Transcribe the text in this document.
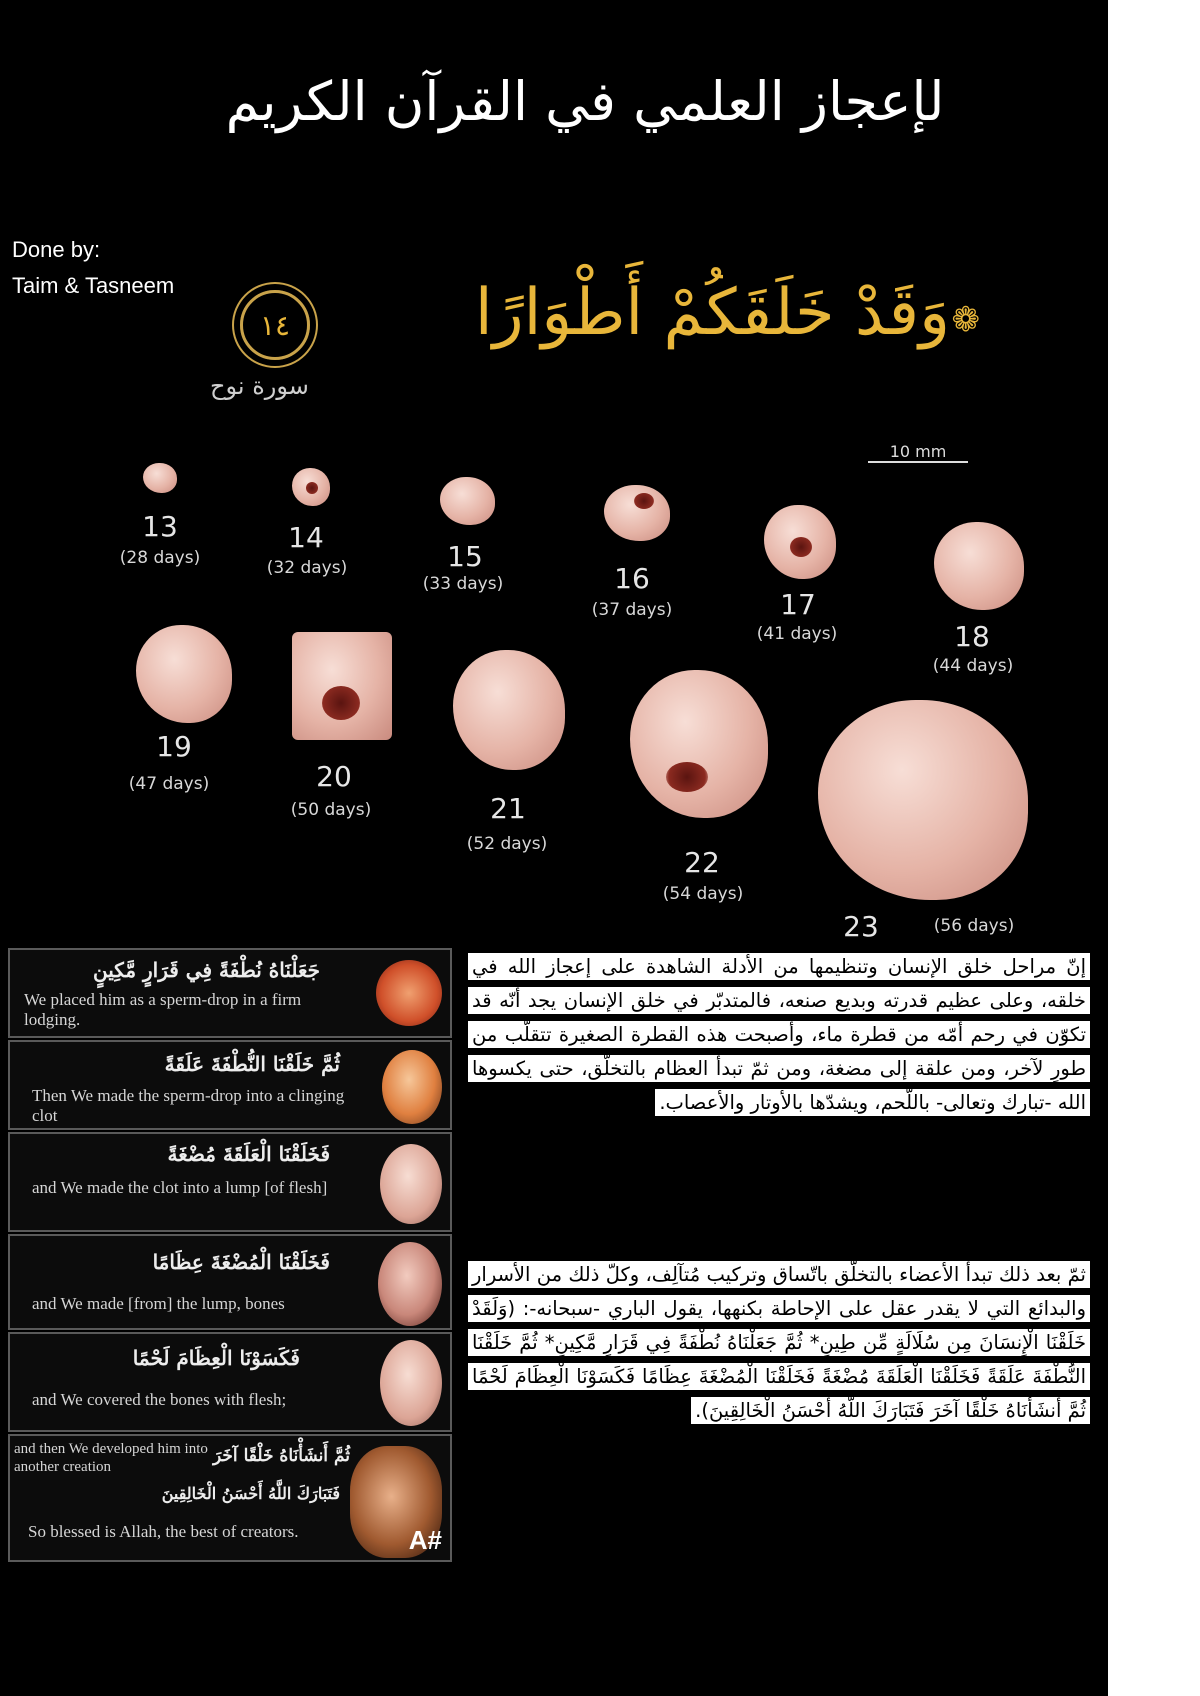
لإعجاز العلمي في القرآن الكريم
Done by:
Taim & Tasneem
١٤	وَقَدْ خَلَقَكُمْ أَطْوَارًا ❁
سورة نوح
10 mm
13
(28 days)
14
(32 days)	15
(33 days)	16
(37 days)	17
(41 days)	18
(44 days)
19
(47 days)	20
(50 days)	21
(52 days)
22
(54 days)
23	(56 days)
جَعَلْنَاهُ نُطْفَةً فِي قَرَارٍ مَّكِينٍ
We placed him as a sperm-drop in a firm lodging.
ثُمَّ خَلَقْنَا النُّطْفَةَ عَلَقَةً
Then We made the sperm-drop into a clinging clot
فَخَلَقْنَا الْعَلَقَةَ مُضْغَةً
and We made the clot into a lump [of flesh]
فَخَلَقْنَا الْمُضْغَةَ عِظَامًا
and We made [from] the lump, bones
فَكَسَوْنَا الْعِظَامَ لَحْمًا
and We covered the bones with flesh;
and then We developed him into another creation
ثُمَّ أَنشَأْنَاهُ خَلْقًا آخَرَ
فَتَبَارَكَ اللَّهُ أَحْسَنُ الْخَالِقِينَ
So blessed is Allah, the best of creators.	A#
إنّ مراحل خلق الإنسان وتنظيمها من الأدلة الشاهدة على إعجاز الله في خلقه، وعلى عظيم قدرته وبديع صنعه، فالمتدبّر في خلق الإنسان يجد أنّه قد تكوّن في رحم أمّه من قطرة ماء، وأصبحت هذه القطرة الصغيرة تتقلّب من طورٍ لآخر، ومن علقة إلى مضغة، ومن ثمّ تبدأ العظام بالتخلّق، حتى يكسوها الله -تبارك وتعالى- باللّحم، ويشدّها بالأوتار والأعصاب.
ثمّ بعد ذلك تبدأ الأعضاء بالتخلّق باتّساق وتركيب مُتآلِف، وكلّ ذلك من الأسرار والبدائع التي لا يقدر عقل على الإحاطة بكنهها، يقول الباري -سبحانه-: (وَلَقَدْ خَلَقْنَا الْإِنسَانَ مِن سُلَالَةٍ مِّن طِينٍ* ثُمَّ جَعَلْنَاهُ نُطْفَةً فِي قَرَارٍ مَّكِينٍ* ثُمَّ خَلَقْنَا النُّطْفَةَ عَلَقَةً فَخَلَقْنَا الْعَلَقَةَ مُضْغَةً فَخَلَقْنَا الْمُضْغَةَ عِظَامًا فَكَسَوْنَا الْعِظَامَ لَحْمًا ثُمَّ أَنشَأْنَاهُ خَلْقًا آخَرَ فَتَبَارَكَ اللَّهُ أَحْسَنُ الْخَالِقِينَ).
